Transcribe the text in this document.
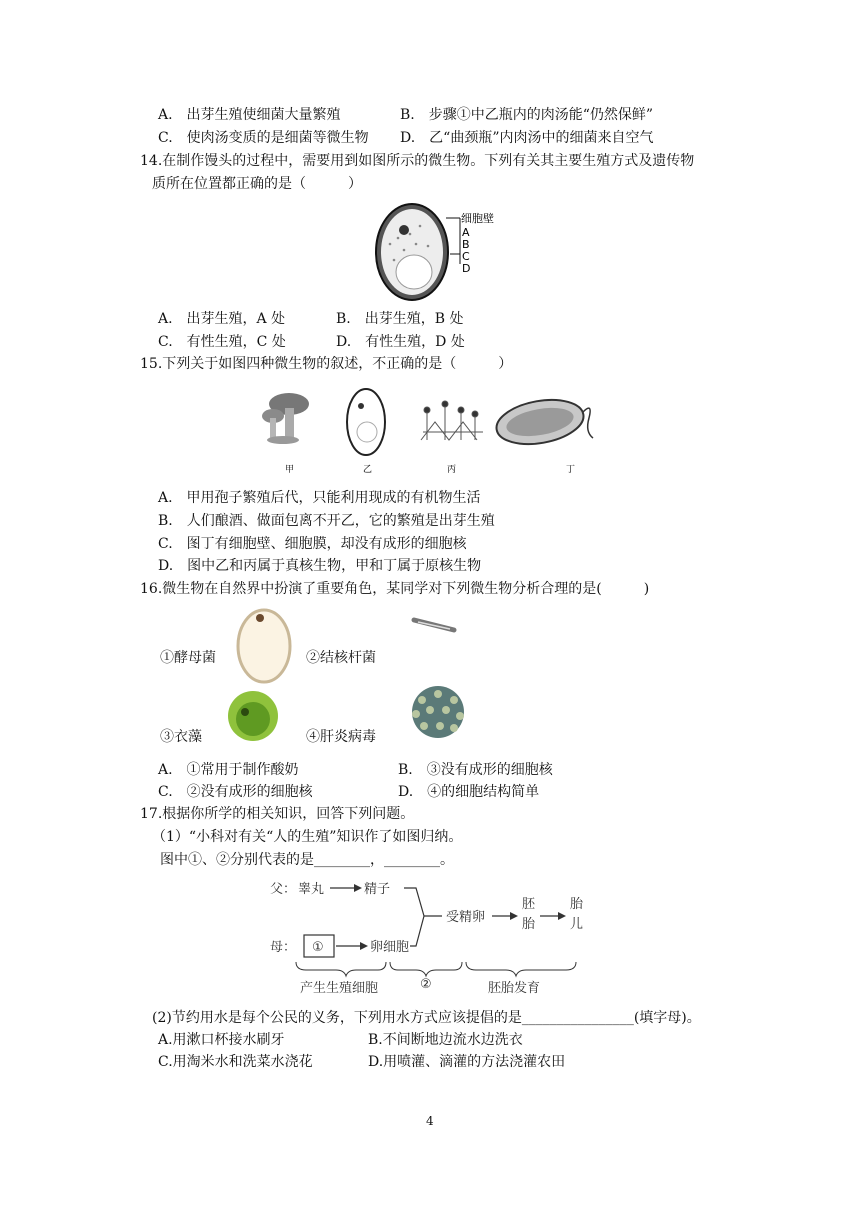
A.　出芽生殖使细菌大量繁殖	B.　步骤①中乙瓶内的肉汤能“仍然保鲜”
C.　使肉汤变质的是细菌等微生物 D.　乙“曲颈瓶”内肉汤中的细菌来自空气
14.在制作馒头的过程中，需要用到如图所示的微生物。下列有关其主要生殖方式及遗传物
质所在位置都正确的是（　　　）
细胞壁
A
B
C
D
A.　出芽生殖，A 处	B.　出芽生殖，B 处
C.　有性生殖，C 处	D.　有性生殖，D 处
15.下列关于如图四种微生物的叙述，不正确的是（　　　）
甲	乙	丙	丁
A.　甲用孢子繁殖后代，只能利用现成的有机物生活
B.　人们酿酒、做面包离不开乙，它的繁殖是出芽生殖
C.　图丁有细胞壁、细胞膜，却没有成形的细胞核
D.　图中乙和丙属于真核生物，甲和丁属于原核生物
16.微生物在自然界中扮演了重要角色，某同学对下列微生物分析合理的是(　　　)
①酵母菌	②结核杆菌
③衣藻	④肝炎病毒
A.　①常用于制作酸奶	B.　③没有成形的细胞核
C.　②没有成形的细胞核	D.　④的细胞结构简单
17.根据你所学的相关知识，回答下列问题。
（1）“小科对有关“人的生殖”知识作了如图归纳。
图中①、②分别代表的是________，________。
父： 睾丸	精子
母： ①	卵细胞
受精卵
胚
胎
胎
儿
产生生殖细胞	②	胚胎发育
(2)节约用水是每个公民的义务，下列用水方式应该提倡的是________________(填字母)。
A.用漱口杯接水刷牙	B.不间断地边流水边洗衣
C.用淘米水和洗菜水浇花	D.用喷灌、滴灌的方法浇灌农田
4
